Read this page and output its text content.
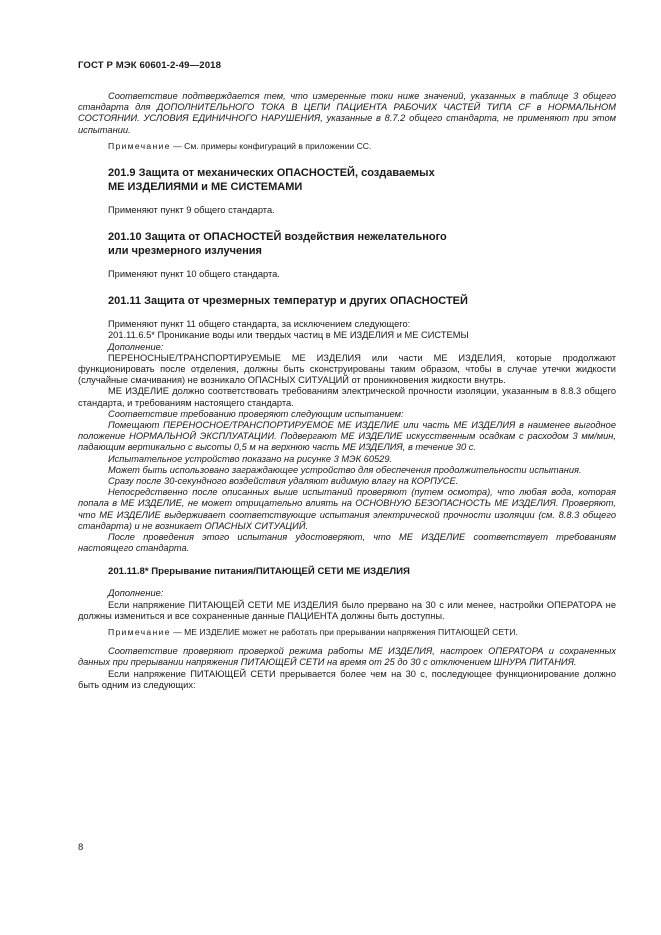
ГОСТ Р МЭК 60601-2-49—2018

Соответствие подтверждается тем, что измеренные токи ниже значений, указанных в таблице 3 общего стандарта для ДОПОЛНИТЕЛЬНОГО ТОКА В ЦЕПИ ПАЦИЕНТА РАБОЧИХ ЧАСТЕЙ ТИПА CF в НОРМАЛЬНОМ СОСТОЯНИИ. УСЛОВИЯ ЕДИНИЧНОГО НАРУШЕНИЯ, указанные в 8.7.2 общего стандарта, не применяют при этом испытании.

Примечание — См. примеры конфигураций в приложении СС.

201.9 Защита от механических ОПАСНОСТЕЙ, создаваемых
МЕ ИЗДЕЛИЯМИ и МЕ СИСТЕМАМИ

Применяют пункт 9 общего стандарта.

201.10 Защита от ОПАСНОСТЕЙ воздействия нежелательного
или чрезмерного излучения

Применяют пункт 10 общего стандарта.

201.11 Защита от чрезмерных температур и других ОПАСНОСТЕЙ

Применяют пункт 11 общего стандарта, за исключением следующего:

201.11.6.5* Проникание воды или твердых частиц в МЕ ИЗДЕЛИЯ и МЕ СИСТЕМЫ

Дополнение:

ПЕРЕНОСНЫЕ/ТРАНСПОРТИРУЕМЫЕ МЕ ИЗДЕЛИЯ или части МЕ ИЗДЕЛИЯ, которые продолжают функционировать после отделения, должны быть сконструированы таким образом, чтобы в случае утечки жидкости (случайные смачивания) не возникало ОПАСНЫХ СИТУАЦИЙ от проникновения жидкости внутрь.

МЕ ИЗДЕЛИЕ должно соответствовать требованиям электрической прочности изоляции, указанным в 8.8.3 общего стандарта, и требованиям настоящего стандарта.

Соответствие требованию проверяют следующим испытанием:

Помещают ПЕРЕНОСНОЕ/ТРАНСПОРТИРУЕМОЕ МЕ ИЗДЕЛИЕ или часть МЕ ИЗДЕЛИЯ в наименее выгодное положение НОРМАЛЬНОЙ ЭКСПЛУАТАЦИИ. Подвергают МЕ ИЗДЕЛИЕ искусственным осадкам с расходом 3 мм/мин, падающим вертикально с высоты 0,5 м на верхнюю часть МЕ ИЗДЕЛИЯ, в течение 30 с.

Испытательное устройство показано на рисунке 3 МЭК 60529.

Может быть использовано заграждающее устройство для обеспечения продолжительности испытания.

Сразу после 30-секундного воздействия удаляют видимую влагу на КОРПУСЕ.

Непосредственно после описанных выше испытаний проверяют (путем осмотра), что любая вода, которая попала в МЕ ИЗДЕЛИЕ, не может отрицательно влиять на ОСНОВНУЮ БЕЗОПАСНОСТЬ МЕ ИЗДЕЛИЯ. Проверяют, что МЕ ИЗДЕЛИЕ выдерживает соответствующие испытания электрической прочности изоляции (см. 8.8.3 общего стандарта) и не возникает ОПАСНЫХ СИТУАЦИЙ.

После проведения этого испытания удостоверяют, что МЕ ИЗДЕЛИЕ соответствует требованиям настоящего стандарта.

201.11.8* Прерывание питания/ПИТАЮЩЕЙ СЕТИ МЕ ИЗДЕЛИЯ

Дополнение:

Если напряжение ПИТАЮЩЕЙ СЕТИ МЕ ИЗДЕЛИЯ было прервано на 30 с или менее, настройки ОПЕРАТОРА не должны измениться и все сохраненные данные ПАЦИЕНТА должны быть доступны.

Примечание — МЕ ИЗДЕЛИЕ может не работать при прерывании напряжения ПИТАЮЩЕЙ СЕТИ.

Соответствие проверяют проверкой режима работы МЕ ИЗДЕЛИЯ, настроек ОПЕРАТОРА и сохраненных данных при прерывании напряжения ПИТАЮЩЕЙ СЕТИ на время от 25 до 30 с отключением ШНУРА ПИТАНИЯ.

Если напряжение ПИТАЮЩЕЙ СЕТИ прерывается более чем на 30 с, последующее функционирование должно быть одним из следующих:

8
